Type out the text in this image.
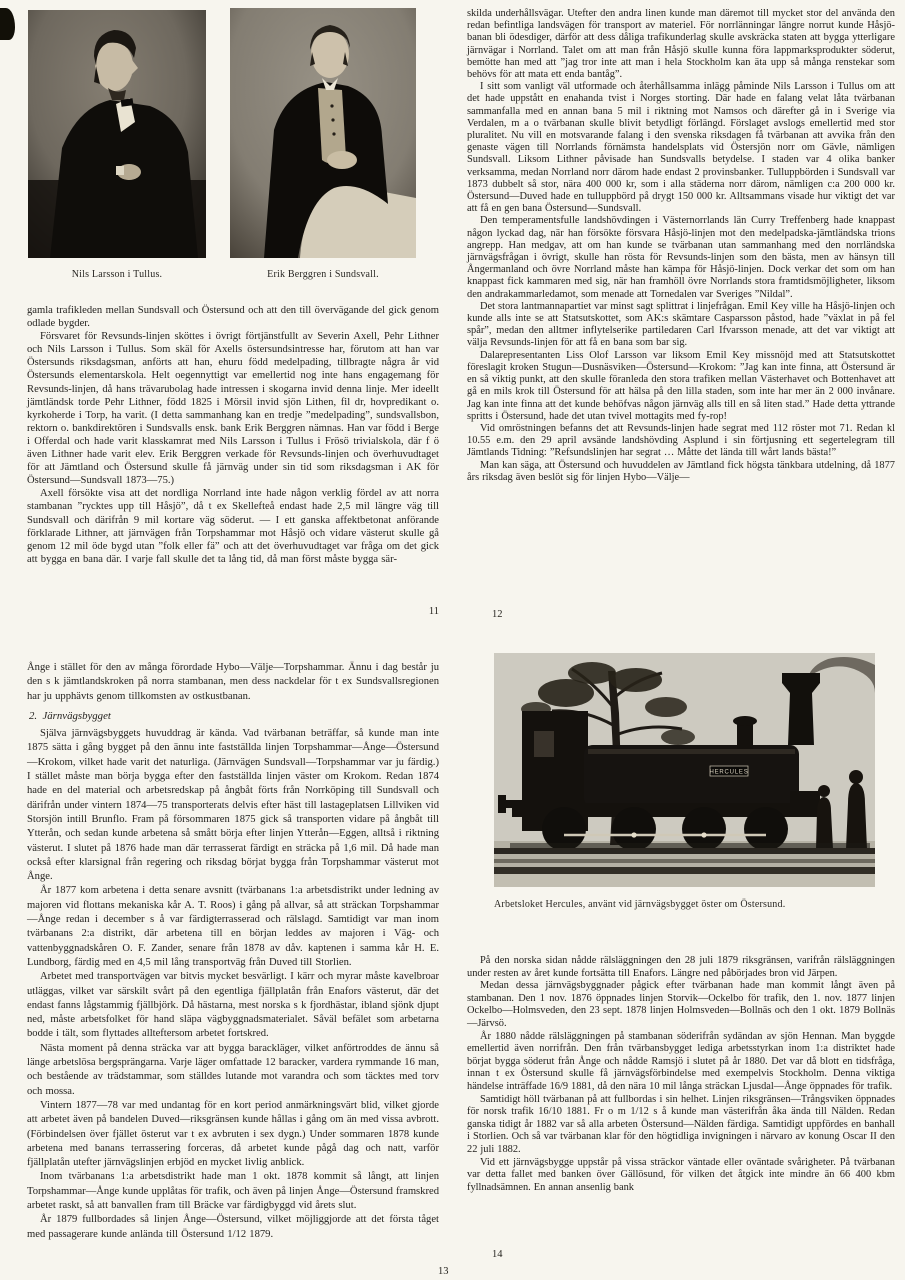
Nils Larsson i Tullus.	Erik Berggren i Sundsvall.

gamla trafikleden mellan Sundsvall och Östersund och att den till övervägande del gick genom odlade bygder.

Försvaret för Revsunds-linjen sköttes i övrigt förtjänstfullt av Severin Axell, Pehr Lithner och Nils Larsson i Tullus. Som skäl för Axells östersundsintresse har, förutom att han var Östersunds riksdagsman, anförts att han, ehuru född medelpading, tillbragte några år vid Östersunds elementarskola. Helt oegennyttigt var emellertid nog inte hans engagemang för Revsunds-linjen, då hans trävarubolag hade intressen i skogarna invid denna linje. Mer ideellt jämtländsk torde Pehr Lithner, född 1825 i Mörsil invid sjön Lithen, fil dr, hovpredikant o. kyrkoherde i Torp, ha varit. (I detta sammanhang kan en tredje ”medelpading”, sundsvallsbon, rektorn o. bankdirektören i Sundsvalls ensk. bank Erik Berggren nämnas. Han var född i Berge i Offerdal och hade varit klasskamrat med Nils Larsson i Tullus i Frösö trivialskola, där f ö även Lithner hade varit elev. Erik Berggren verkade för Revsunds-linjen och överhuvudtaget för att Jämtland och Östersund skulle få järnväg under sin tid som riksdagsman i AK för Östersund—Sundsvall 1873—75.)

Axell försökte visa att det nordliga Norrland inte hade någon verklig fördel av att norra stambanan ”rycktes upp till Håsjö”, då t ex Skellefteå endast hade 2,5 mil längre väg till Sundsvall och därifrån 9 mil kortare väg söderut. — I ett ganska affektbetonat anförande förklarade Lithner, att järnvägen från Torpshammar mot Håsjö och vidare västerut skulle gå genom 12 mil öde bygd utan ”folk eller fä” och att det överhuvudtaget var fråga om det gick att bygga en bana där. I varje fall skulle det ta lång tid, då man först måste bygga sär-

11

skilda underhållsvägar. Utefter den andra linen kunde man däremot till mycket stor del använda den redan befintliga landsvägen för transport av materiel. För norrlänningar längre norrut kunde Håsjö-banan bli ödesdiger, därför att dess dåliga trafikunderlag skulle avskräcka staten att bygga ytterligare järnvägar i Norrland. Talet om att man från Håsjö skulle kunna föra lappmarksprodukter söderut, bemötte han med att ”jag tror inte att man i hela Stockholm kan äta upp så många renstekar som behövs för att mata ett enda bantåg”.

I sitt som vanligt väl utformade och återhållsamma inlägg påminde Nils Larsson i Tullus om att det hade uppstått en enahanda tvist i Norges storting. Där hade en falang velat låta tvärbanan sammanfalla med en annan bana 5 mil i riktning mot Namsos och därefter gå in i Sverige via Verdalen, m a o tvärbanan skulle blivit betydligt förlängd. Förslaget avslogs emellertid med stor pluralitet. Nu vill en motsvarande falang i den svenska riksdagen få tvärbanan att avvika från den genaste vägen till Norrlands förnämsta handelsplats vid Östersjön norr om Gävle, nämligen Sundsvall. Liksom Lithner påvisade han Sundsvalls betydelse. I staden var 4 olika banker verksamma, medan Norrland norr därom hade endast 2 provinsbanker. Tulluppbörden i Sundsvall var 1873 dubbelt så stor, nära 400 000 kr, som i alla städerna norr därom, nämligen c:a 200 000 kr. Östersund—Duved hade en tulluppbörd på drygt 150 000 kr. Alltsammans visade hur viktigt det var att få en gen bana Östersund—Sundsvall.

Den temperamentsfulle landshövdingen i Västernorrlands län Curry Treffenberg hade knappast någon lyckad dag, när han försökte försvara Håsjö-linjen mot den medelpadska-jämtländska trions angrepp. Han medgav, att om han kunde se tvärbanan utan sammanhang med den norrländska järnvägsfrågan i övrigt, skulle han rösta för Revsunds-linjen som den bästa, men av hänsyn till Ångermanland och övre Norrland måste han kämpa för Håsjö-linjen. Dock verkar det som om han knappast fick kammaren med sig, när han framhöll övre Norrlands stora framtidsmöjligheter, liksom den andrakammarledamot, som menade att Tornedalen var Sveriges ”Nildal”.

Det stora lantmannapartiet var minst sagt splittrat i linjefrågan. Emil Key ville ha Håsjö-linjen och kunde alls inte se att Statsutskottet, som AK:s skämtare Casparsson påstod, hade ”växlat in på fel spår”, medan den alltmer inflytelserike partiledaren Carl Ifvarsson menade, att det var viktigt att välja Revsunds-linjen för att få en bana som bar sig.

Dalarepresentanten Liss Olof Larsson var liksom Emil Key missnöjd med att Statsutskottet föreslagit kroken Stugun—Dusnäsviken—Östersund—Krokom: ”Jag kan inte finna, att Östersund är en så viktig punkt, att den skulle föranleda den stora trafiken mellan Västerhavet och Bottenhavet att gå en mils krok till Östersund för att hälsa på den lilla staden, som inte har mer än 2 000 invånare. Jag kan inte finna att det kunde behöfvas någon järnväg alls till en så liten stad.” Hade detta yttrande spritts i Östersund, hade det utan tvivel mottagits med fy-rop!

Vid omröstningen befanns det att Revsunds-linjen hade segrat med 112 röster mot 71. Redan kl 10.55 e.m. den 29 april avsände landshövding Asplund i sin förtjusning ett segertelegram till Jämtlands Tidning: ”Refsundslinjen har segrat … Måtte det lända till wårt lands bästa!”

Man kan säga, att Östersund och huvuddelen av Jämtland fick högsta tänkbara utdelning, då 1877 års riksdag även beslöt sig för linjen Hybo—Välje—

12

Ånge i stället för den av många förordade Hybo—Välje—Torpshammar. Ännu i dag består ju den s k jämtlandskroken på norra stambanan, men dess nackdelar för t ex Sundsvallsregionen har ju upphävts genom tillkomsten av ostkustbanan.

2. Järnvägsbygget

Själva järnvägsbyggets huvuddrag är kända. Vad tvärbanan beträffar, så kunde man inte 1875 sätta i gång bygget på den ännu inte fastställda linjen Torpshammar—Ånge—Östersund—Krokom, vilket hade varit det naturliga. (Järnvägen Sundsvall—Torpshammar var ju färdig.) I stället måste man börja bygga efter den fastställda linjen väster om Krokom. Redan 1874 hade en del material och arbetsredskap på ångbåt förts från Norrköping till Sundsvall och därifrån under vintern 1874—75 transporterats delvis efter häst till lastageplatsen Lillviken vid Storsjön intill Brunflo. Fram på försommaren 1875 gick så transporten vidare på ångbåt till Ytterån, och sedan kunde arbetena så smått börja efter linjen Ytterån—Eggen, alltså i riktning västerut. I slutet på 1876 hade man där terrasserat färdigt en sträcka på 1,6 mil. Då hade man också efter klarsignal från regering och riksdag börjat bygga från Torpshammar västerut mot Ånge.

År 1877 kom arbetena i detta senare avsnitt (tvärbanans 1:a arbetsdistrikt under ledning av majoren vid flottans mekaniska kår A. T. Roos) i gång på allvar, så att sträckan Torpshammar—Ånge redan i december s å var färdigterrasserad och rälslagd. Samtidigt var man inom tvärbanans 2:a distrikt, där arbetena till en början leddes av majoren i Väg- och vattenbyggnadskåren O. F. Zander, senare från 1878 av dåv. kaptenen i samma kår H. E. Lundborg, färdig med en 4,5 mil lång transportväg från Duved till Storlien.

Arbetet med transportvägen var bitvis mycket besvärligt. I kärr och myrar måste kavelbroar utläggas, vilket var särskilt svårt på den egentliga fjällplatån från Enafors västerut, där det endast fanns lågstammig fjällbjörk. Då hästarna, mest norska s k fjordhästar, ibland sjönk djupt ned, måste arbetsfolket för hand släpa vägbyggnadsmaterialet. Såväl befälet som arbetarna bodde i tält, som flyttades allteftersom arbetet fortskred.

Nästa moment på denna sträcka var att bygga barackläger, vilket anförtroddes de ännu så länge arbetslösa bergsprängarna. Varje läger omfattade 12 baracker, vardera rymmande 16 man, och bestående av trädstammar, som ställdes lutande mot varandra och som täcktes med torv och mossa.

Vintern 1877—78 var med undantag för en kort period anmärkningsvärt blid, vilket gjorde att arbetet även på bandelen Duved—riksgränsen kunde hållas i gång om än med vissa avbrott. (Förbindelsen över fjället österut var t ex avbruten i sex dygn.) Under sommaren 1878 kunde arbetena med banans terrassering forceras, då arbetet kunde pågå dag och natt, varför fjällplatån utefter järnvägslinjen erbjöd en mycket livlig anblick.

Inom tvärbanans 1:a arbetsdistrikt hade man 1 okt. 1878 kommit så långt, att linjen Torpshammar—Ånge kunde upplåtas för trafik, och även på linjen Ånge—Östersund framskred arbetet raskt, så att banvallen fram till Bräcke var färdigbyggd vid årets slut.

År 1879 fullbordades så linjen Ånge—Östersund, vilket möjliggjorde att det första tåget med passagerare kunde anlända till Östersund 1/12 1879.

13
HERCULES
Arbetsloket Hercules, använt vid järnvägsbygget öster om Östersund.

På den norska sidan nådde rälsläggningen den 28 juli 1879 riksgränsen, varifrån rälsläggningen under resten av året kunde fortsätta till Enafors. Längre ned påbörjades bron vid Järpen.

Medan dessa järnvägsbyggnader pågick efter tvärbanan hade man kommit långt även på stambanan. Den 1 nov. 1876 öppnades linjen Storvik—Ockelbo för trafik, den 1. nov. 1877 linjen Ockelbo—Holmsveden, den 23 sept. 1878 linjen Holmsveden—Bollnäs och den 1 okt. 1879 Bollnäs—Järvsö.

År 1880 nådde rälsläggningen på stambanan söderifrån sydändan av sjön Hennan. Man byggde emellertid även norrifrån. Den från tvärbansbygget lediga arbetsstyrkan inom 1:a distriktet hade börjat bygga söderut från Ånge och nådde Ramsjö i slutet på år 1880. Det var då blott en tidsfråga, innan t ex Östersund skulle få järnvägsförbindelse med exempelvis Stockholm. Denna viktiga händelse inträffade 16/9 1881, då den nära 10 mil långa sträckan Ljusdal—Ånge öppnades för trafik.

Samtidigt höll tvärbanan på att fullbordas i sin helhet. Linjen riksgränsen—Trångsviken öppnades för norsk trafik 16/10 1881. Fr o m 1/12 s å kunde man västerifrån åka ända till Nälden. Redan ganska tidigt år 1882 var så alla arbeten Östersund—Nälden färdiga. Samtidigt uppfördes en banhall i Storlien. Och så var tvärbanan klar för den högtidliga invigningen i närvaro av konung Oscar II den 22 juli 1882.

Vid ett järnvägsbygge uppstår på vissa sträckor väntade eller oväntade svårigheter. På tvärbanan var detta fallet med banken över Gällösund, för vilken det åtgick inte mindre än 66 400 kbm fyllnadsämnen. En annan ansenlig bank

14
